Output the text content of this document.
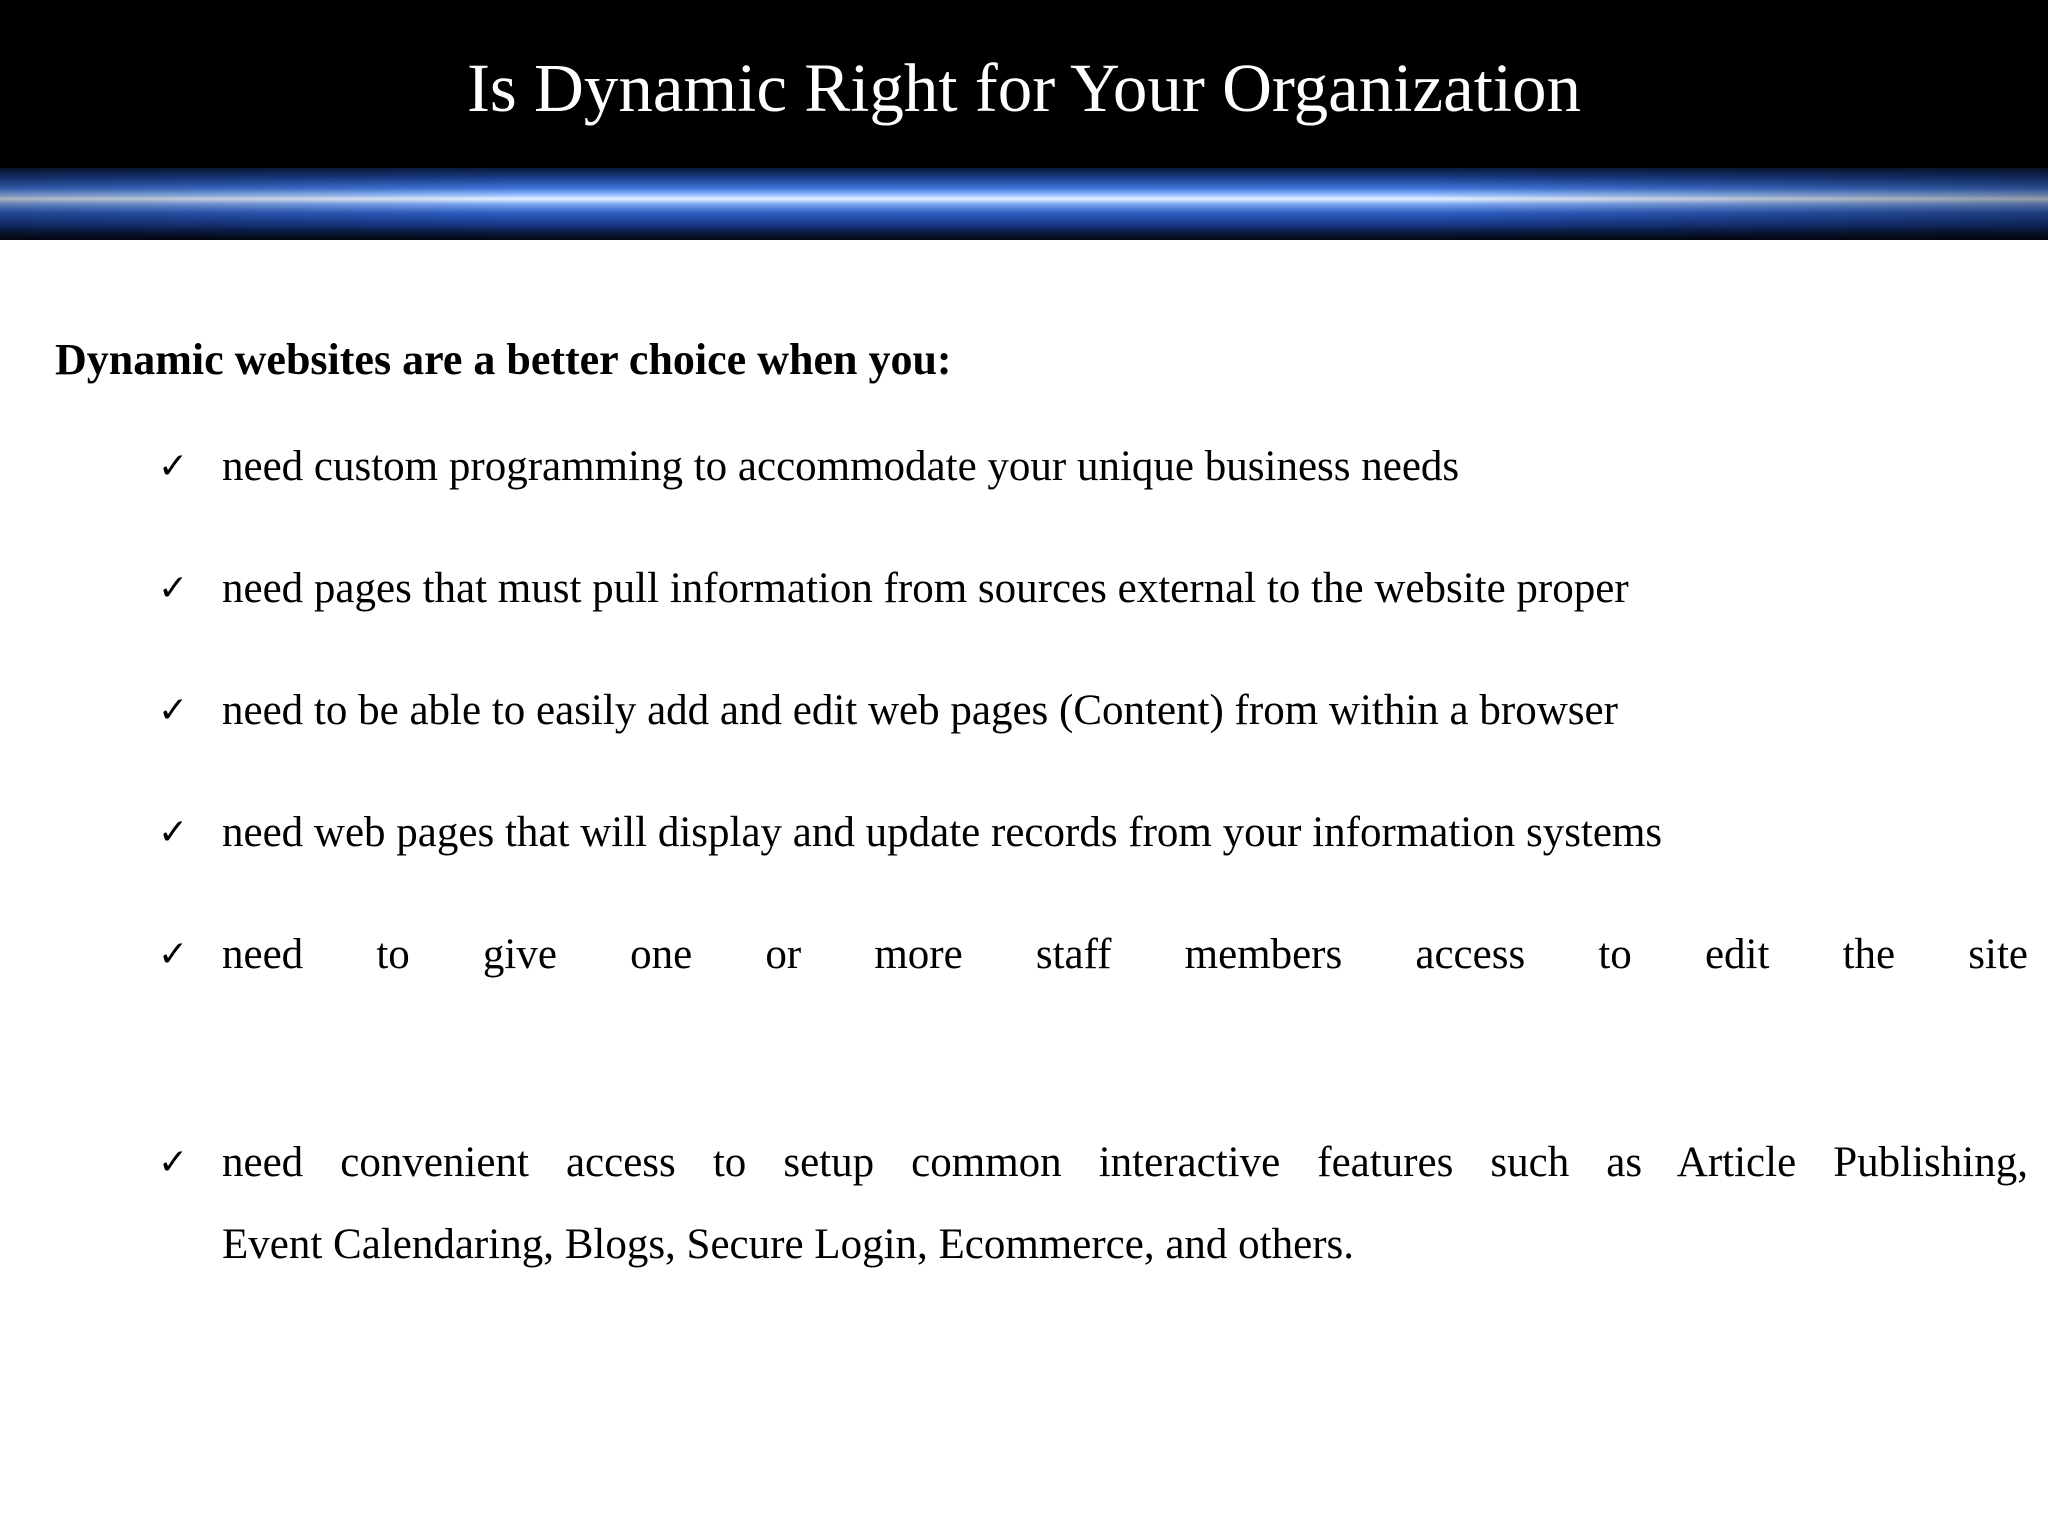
Is Dynamic Right for Your Organization
Dynamic websites are a better choice when you:
✓ need custom programming to accommodate your unique business needs
✓ need pages that must pull information from sources external to the website proper
✓ need to be able to easily add and edit web pages (Content) from within a browser
✓ need web pages that will display and update records from your information systems
✓ need to give one or more staff members access to edit the site
✓ need convenient access to setup common interactive features such as Article Publishing,
Event Calendaring, Blogs, Secure Login, Ecommerce, and others.
